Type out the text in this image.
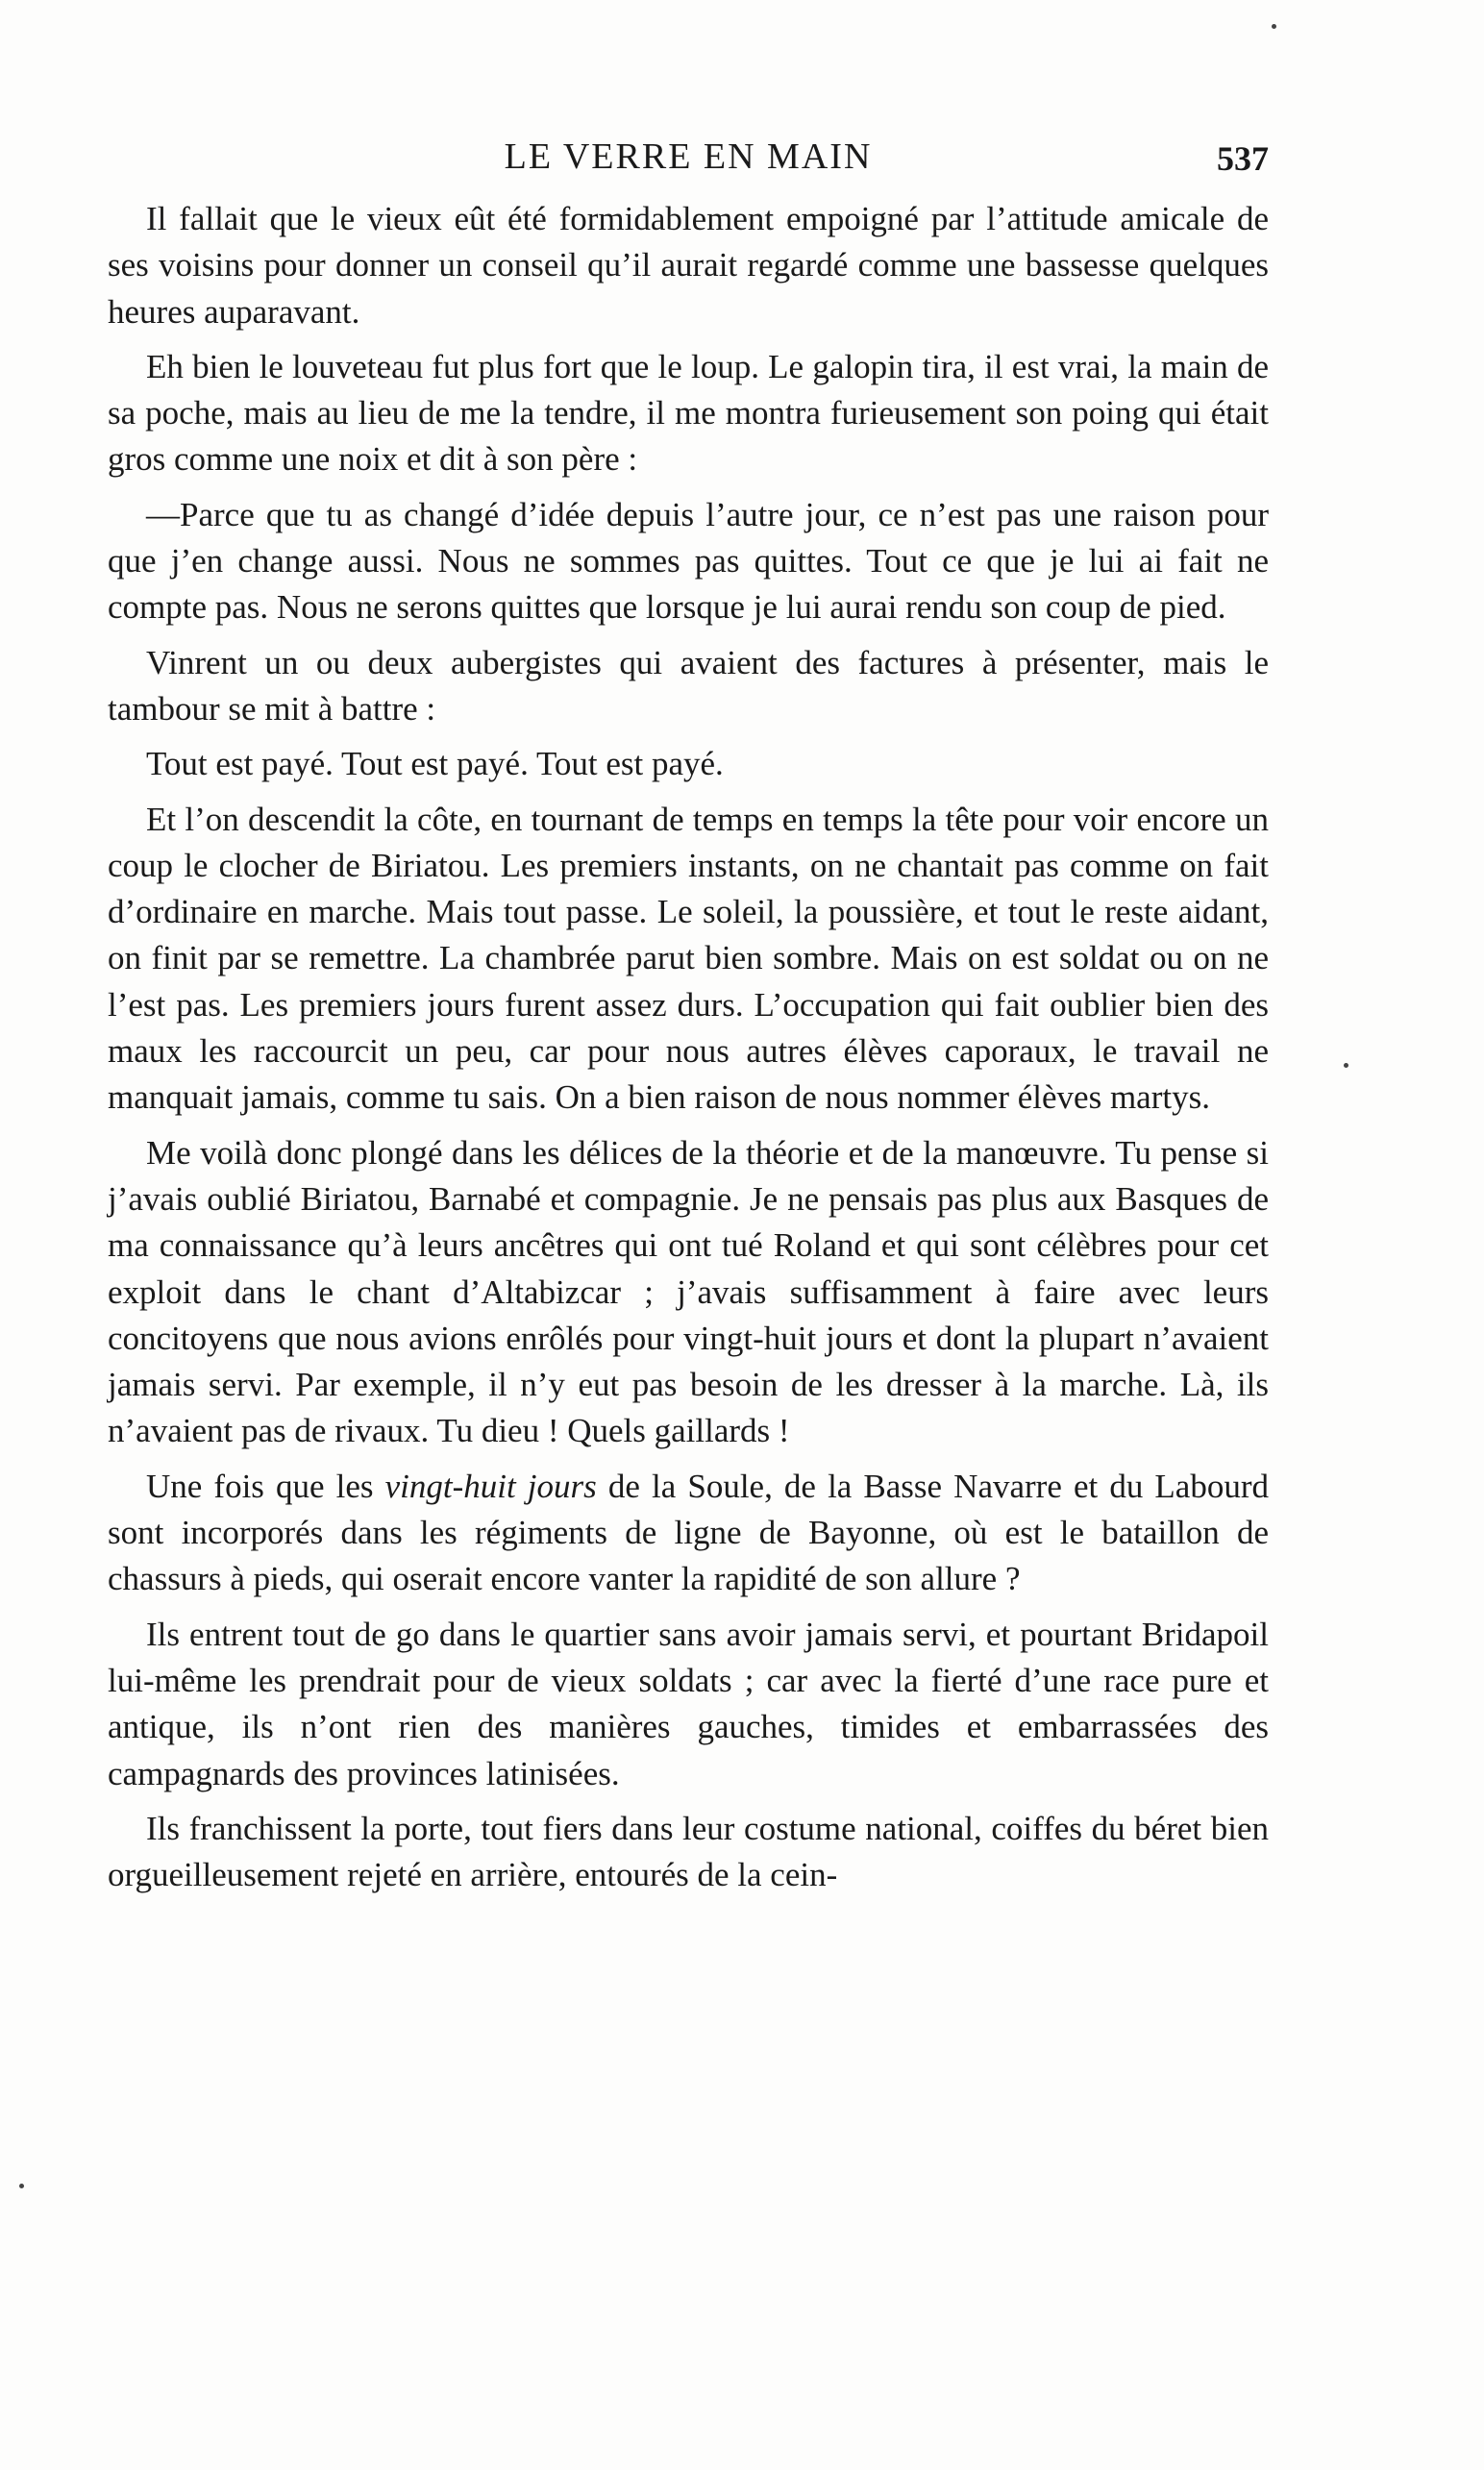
LE VERRE EN MAIN	537

Il fallait que le vieux eût été formidablement empoigné par l’attitude amicale de ses voisins pour donner un conseil qu’il aurait regardé comme une bassesse quelques heures auparavant.

Eh bien le louveteau fut plus fort que le loup. Le galopin tira, il est vrai, la main de sa poche, mais au lieu de me la tendre, il me montra furieusement son poing qui était gros comme une noix et dit à son père :

—Parce que tu as changé d’idée depuis l’autre jour, ce n’est pas une raison pour que j’en change aussi. Nous ne sommes pas quittes. Tout ce que je lui ai fait ne compte pas. Nous ne serons quittes que lorsque je lui aurai rendu son coup de pied.

Vinrent un ou deux aubergistes qui avaient des factures à présenter, mais le tambour se mit à battre :

Tout est payé. Tout est payé. Tout est payé.

Et l’on descendit la côte, en tournant de temps en temps la tête pour voir encore un coup le clocher de Biriatou. Les premiers instants, on ne chantait pas comme on fait d’ordinaire en marche. Mais tout passe. Le soleil, la poussière, et tout le reste aidant, on finit par se remettre. La chambrée parut bien sombre. Mais on est soldat ou on ne l’est pas. Les premiers jours furent assez durs. L’occupation qui fait oublier bien des maux les raccourcit un peu, car pour nous autres élèves caporaux, le travail ne manquait jamais, comme tu sais. On a bien raison de nous nommer élèves martys.

Me voilà donc plongé dans les délices de la théorie et de la manœuvre. Tu pense si j’avais oublié Biriatou, Barnabé et compagnie. Je ne pensais pas plus aux Basques de ma connaissance qu’à leurs ancêtres qui ont tué Roland et qui sont célèbres pour cet exploit dans le chant d’Altabizcar ; j’avais suffisamment à faire avec leurs concitoyens que nous avions enrôlés pour vingt-huit jours et dont la plupart n’avaient jamais servi. Par exemple, il n’y eut pas besoin de les dresser à la marche. Là, ils n’avaient pas de rivaux. Tu dieu ! Quels gaillards !

Une fois que les vingt-huit jours de la Soule, de la Basse Navarre et du Labourd sont incorporés dans les régiments de ligne de Bayonne, où est le bataillon de chassurs à pieds, qui oserait encore vanter la rapidité de son allure ?

Ils entrent tout de go dans le quartier sans avoir jamais servi, et pourtant Bridapoil lui-même les prendrait pour de vieux soldats ; car avec la fierté d’une race pure et antique, ils n’ont rien des manières gauches, timides et embarrassées des campagnards des provinces latinisées.

Ils franchissent la porte, tout fiers dans leur costume national, coiffes du béret bien orgueilleusement rejeté en arrière, entourés de la cein-
